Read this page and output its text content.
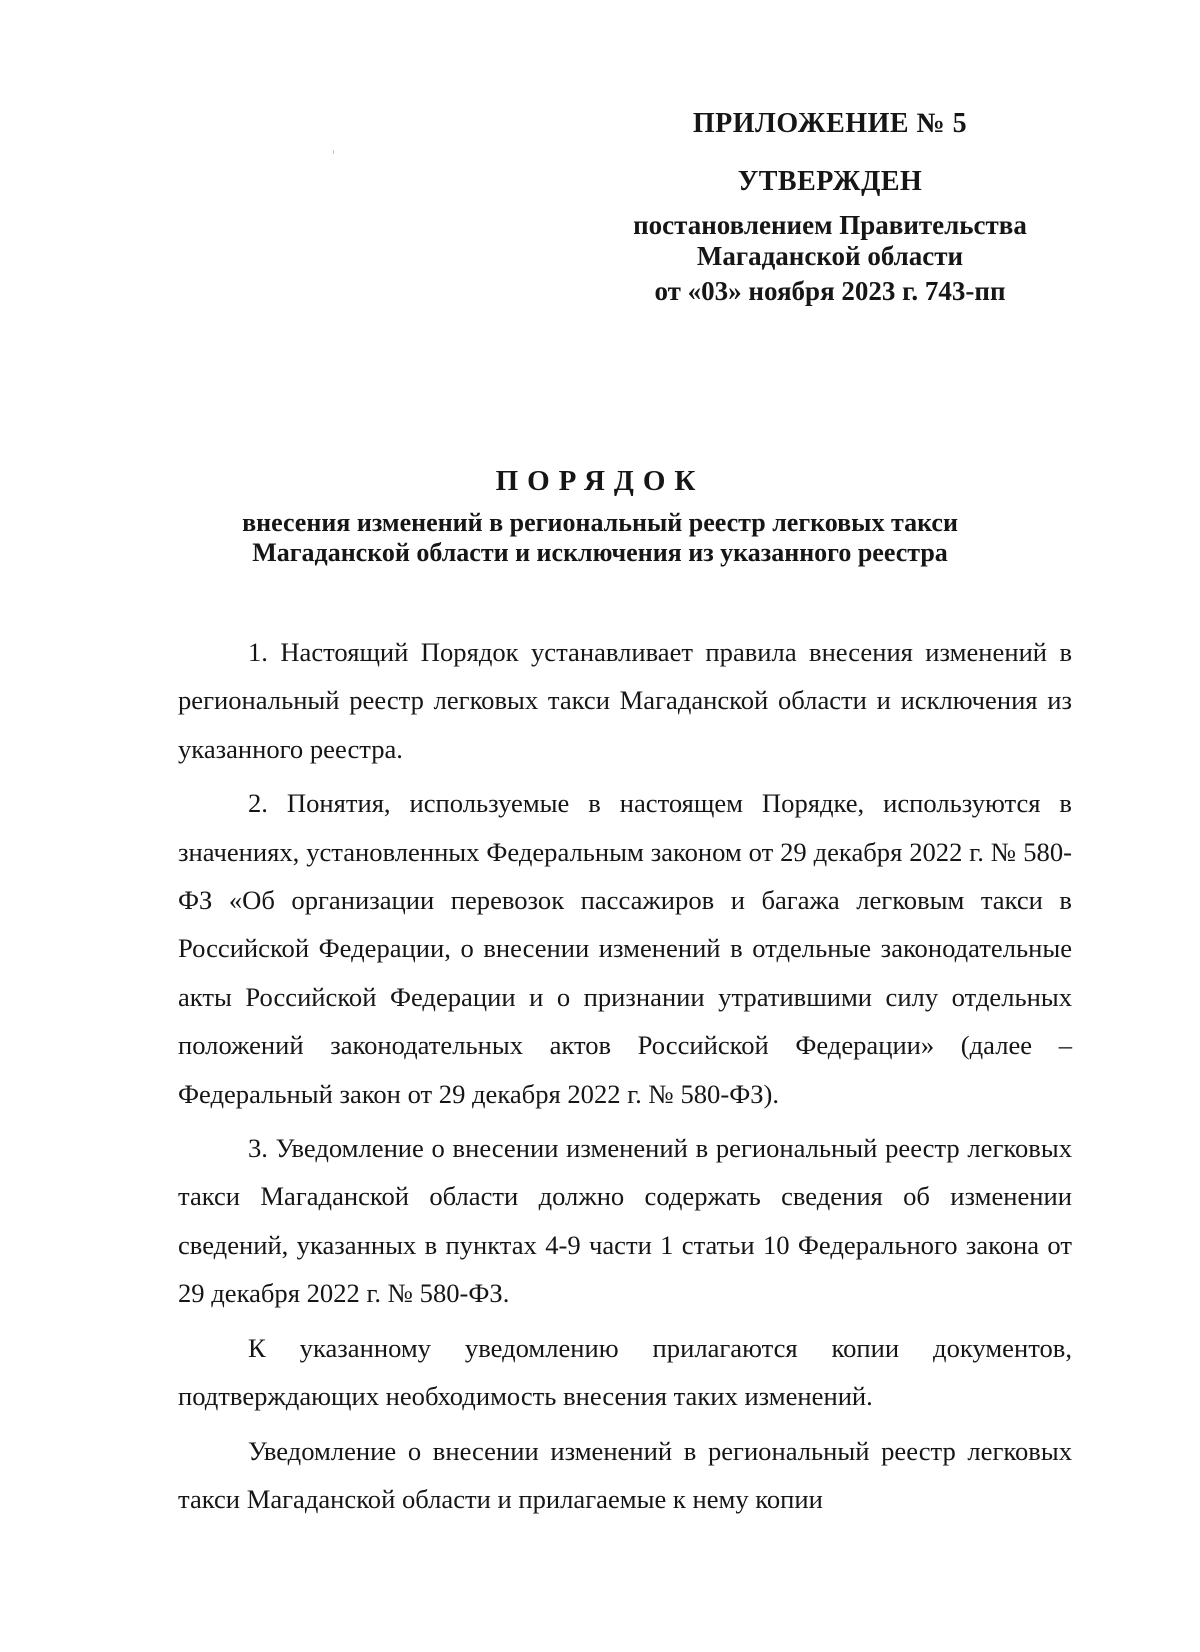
ПРИЛОЖЕНИЕ № 5
УТВЕРЖДЕН
постановлением Правительства
Магаданской области
от «03» ноября 2023 г. 743-пп
ПОРЯДОК
внесения изменений в региональный реестр легковых такси
Магаданской области и исключения из указанного реестра

1. Настоящий Порядок устанавливает правила внесения изменений в региональный реестр легковых такси Магаданской области и исключения из указанного реестра.

2. Понятия, используемые в настоящем Порядке, используются в значениях, установленных Федеральным законом от 29 декабря 2022 г. № 580-ФЗ «Об организации перевозок пассажиров и багажа легковым такси в Российской Федерации, о внесении изменений в отдельные законодательные акты Российской Федерации и о признании утратившими силу отдельных положений законодательных актов Российской Федерации» (далее – Федеральный закон от 29 декабря 2022 г. № 580-ФЗ).

3. Уведомление о внесении изменений в региональный реестр легковых такси Магаданской области должно содержать сведения об изменении сведений, указанных в пунктах 4-9 части 1 статьи 10 Федерального закона от 29 декабря 2022 г. № 580-ФЗ.

К указанному уведомлению прилагаются копии документов, подтверждающих необходимость внесения таких изменений.

Уведомление о внесении изменений в региональный реестр легковых такси Магаданской области и прилагаемые к нему копии
